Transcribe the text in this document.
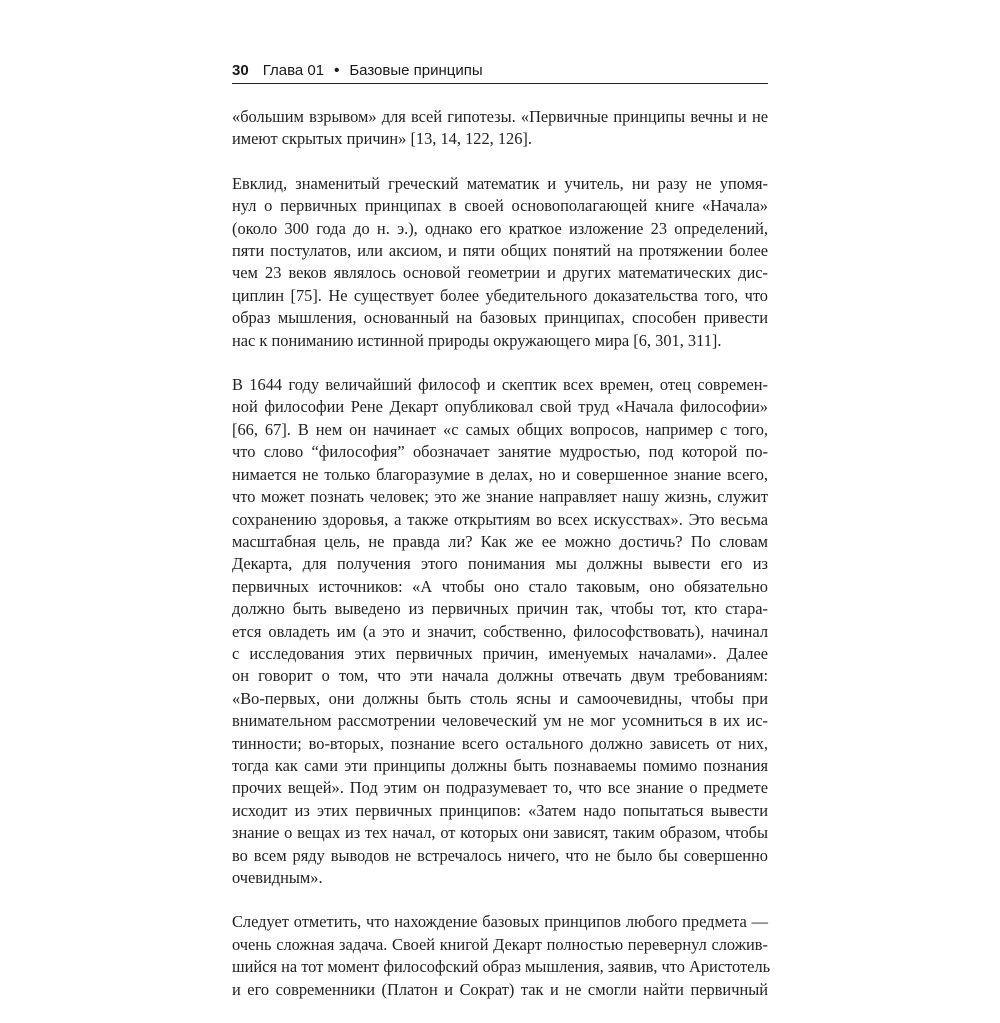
30 Глава 01 • Базовые принципы

«большим взрывом» для всей гипотезы. «Первичные принципы вечны и не
имеют скрытых причин» [13, 14, 122, 126].

Евклид, знаменитый греческий математик и учитель, ни разу не упомя-
нул о первичных принципах в своей основополагающей книге «Начала»
(около 300 года до н. э.), однако его краткое изложение 23 определений,
пяти постулатов, или аксиом, и пяти общих понятий на протяжении более
чем 23 веков являлось основой геометрии и других математических дис-
циплин [75]. Не существует более убедительного доказательства того, что
образ мышления, основанный на базовых принципах, способен привести
нас к пониманию истинной природы окружающего мира [6, 301, 311].

В 1644 году величайший философ и скептик всех времен, отец современ-
ной философии Рене Декарт опубликовал свой труд «Начала философии»
[66, 67]. В нем он начинает «с самых общих вопросов, например с того,
что слово “философия” обозначает занятие мудростью, под которой по-
нимается не только благоразумие в делах, но и совершенное знание всего,
что может познать человек; это же знание направляет нашу жизнь, служит
сохранению здоровья, а также открытиям во всех искусствах». Это весьма
масштабная цель, не правда ли? Как же ее можно достичь? По словам
Декарта, для получения этого понимания мы должны вывести его из
первичных источников: «А чтобы оно стало таковым, оно обязательно
должно быть выведено из первичных причин так, чтобы тот, кто стара-
ется овладеть им (а это и значит, собственно, философствовать), начинал
с исследования этих первичных причин, именуемых началами». Далее
он говорит о том, что эти начала должны отвечать двум требованиям:
«Во-первых, они должны быть столь ясны и самоочевидны, чтобы при
внимательном рассмотрении человеческий ум не мог усомниться в их ис-
тинности; во-вторых, познание всего остального должно зависеть от них,
тогда как сами эти принципы должны быть познаваемы помимо познания
прочих вещей». Под этим он подразумевает то, что все знание о предмете
исходит из этих первичных принципов: «Затем надо попытаться вывести
знание о вещах из тех начал, от которых они зависят, таким образом, чтобы
во всем ряду выводов не встречалось ничего, что не было бы совершенно
очевидным».

Следует отметить, что нахождение базовых принципов любого предмета —
очень сложная задача. Своей книгой Декарт полностью перевернул сложив-
шийся на тот момент философский образ мышления, заявив, что Аристотель
и его современники (Платон и Сократ) так и не смогли найти первичный
